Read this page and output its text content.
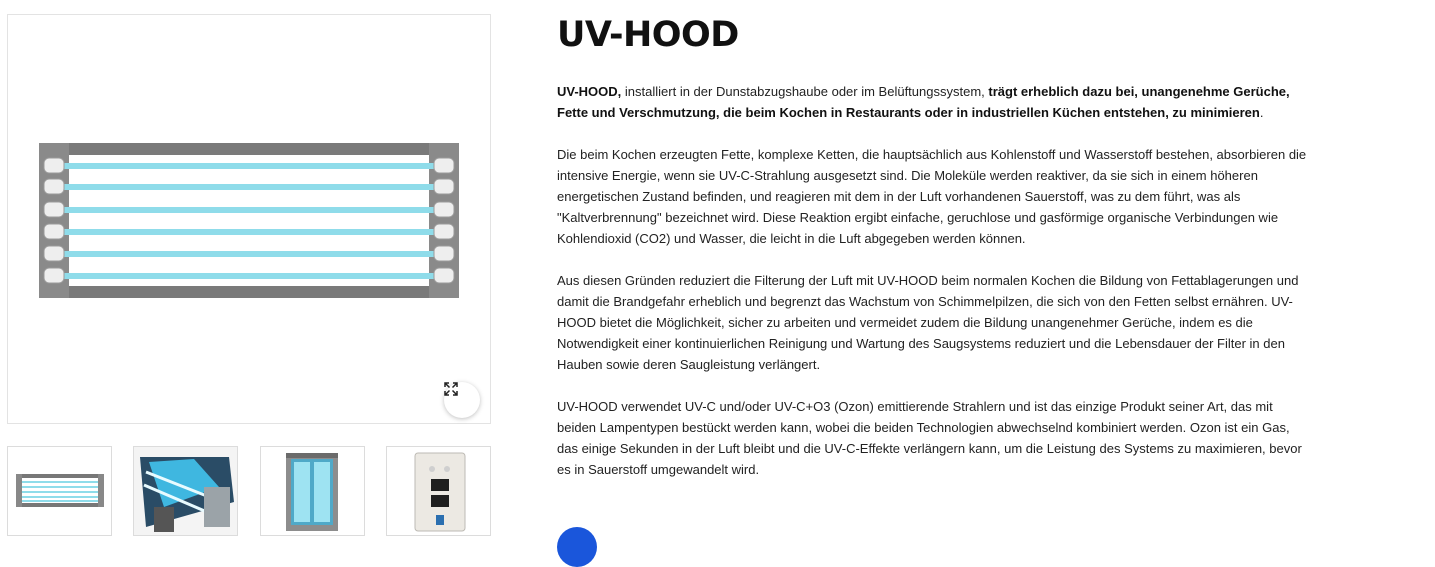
UV-HOOD

UV-HOOD, installiert in der Dunstabzugshaube oder im Belüftungssystem, trägt erheblich dazu bei, unangenehme Gerüche, Fette und Verschmutzung, die beim Kochen in Restaurants oder in industriellen Küchen entstehen, zu minimieren.

Die beim Kochen erzeugten Fette, komplexe Ketten, die hauptsächlich aus Kohlenstoff und Wasserstoff bestehen, absorbieren die intensive Energie, wenn sie UV-C-Strahlung ausgesetzt sind. Die Moleküle werden reaktiver, da sie sich in einem höheren energetischen Zustand befinden, und reagieren mit dem in der Luft vorhandenen Sauerstoff, was zu dem führt, was als "Kaltverbrennung" bezeichnet wird. Diese Reaktion ergibt einfache, geruchlose und gasförmige organische Verbindungen wie Kohlendioxid (CO2) und Wasser, die leicht in die Luft abgegeben werden können.

Aus diesen Gründen reduziert die Filterung der Luft mit UV-HOOD beim normalen Kochen die Bildung von Fettablagerungen und damit die Brandgefahr erheblich und begrenzt das Wachstum von Schimmelpilzen, die sich von den Fetten selbst ernähren. UV-HOOD bietet die Möglichkeit, sicher zu arbeiten und vermeidet zudem die Bildung unangenehmer Gerüche, indem es die Notwendigkeit einer kontinuierlichen Reinigung und Wartung des Saugsystems reduziert und die Lebensdauer der Filter in den Hauben sowie deren Saugleistung verlängert.

UV-HOOD verwendet UV-C und/oder UV-C+O3 (Ozon) emittierende Strahlern und ist das einzige Produkt seiner Art, das mit beiden Lampentypen bestückt werden kann, wobei die beiden Technologien abwechselnd kombiniert werden. Ozon ist ein Gas, das einige Sekunden in der Luft bleibt und die UV-C-Effekte verlängern kann, um die Leistung des Systems zu maximieren, bevor es in Sauerstoff umgewandelt wird.
